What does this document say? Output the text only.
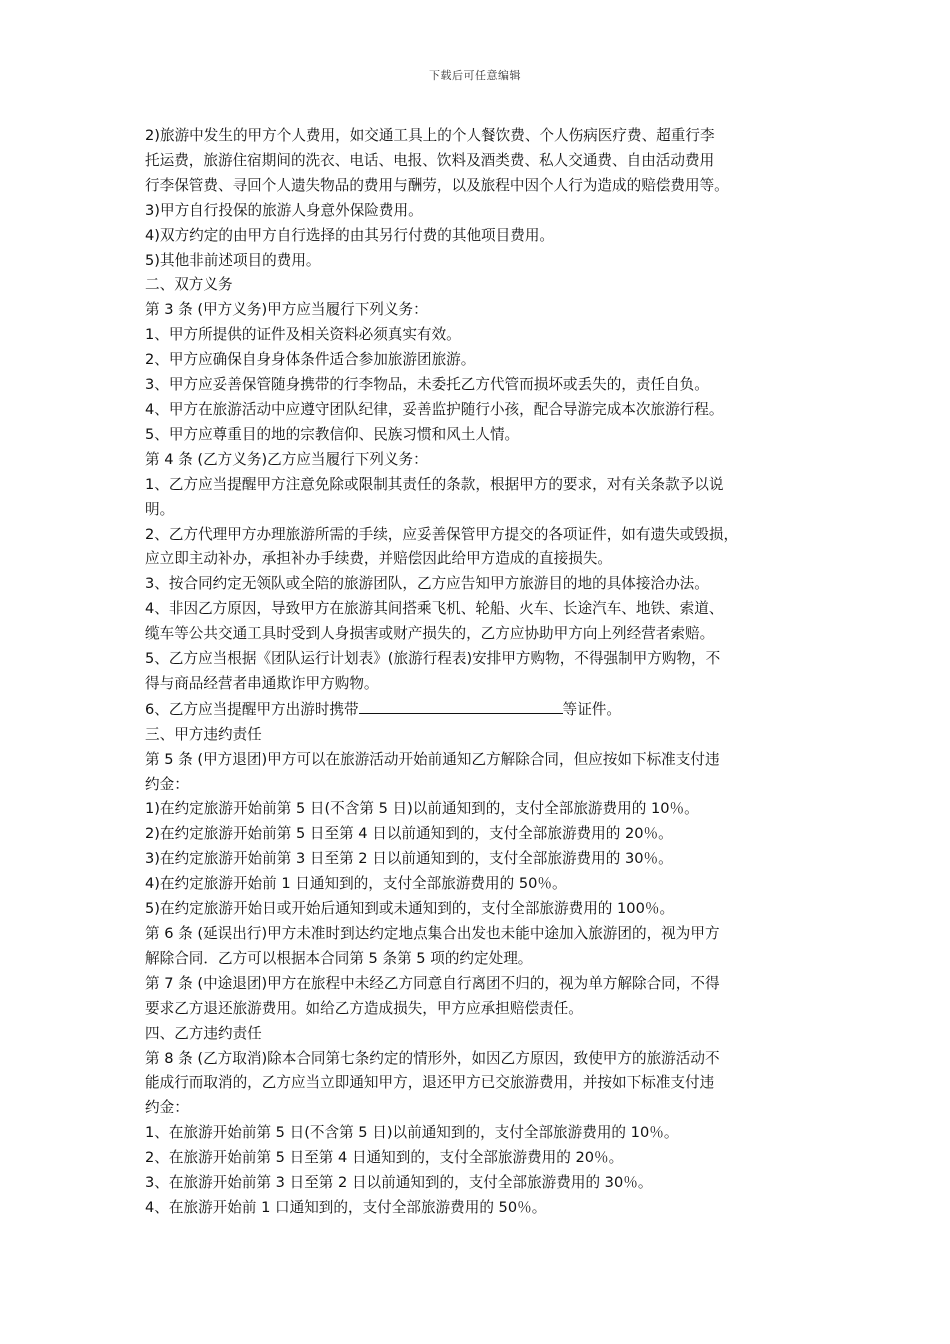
下载后可任意编辑
2)旅游中发生的甲方个人费用，如交通工具上的个人餐饮费、个人伤病医疗费、超重行李
托运费，旅游住宿期间的洗衣、电话、电报、饮料及酒类费、私人交通费、自由活动费用
行李保管费、寻回个人遗失物品的费用与酬劳，以及旅程中因个人行为造成的赔偿费用等。
3)甲方自行投保的旅游人身意外保险费用。
4)双方约定的由甲方自行选择的由其另行付费的其他项目费用。
5)其他非前述项目的费用。
二、双方义务
第 3 条 (甲方义务)甲方应当履行下列义务：
1、甲方所提供的证件及相关资料必须真实有效。
2、甲方应确保自身身体条件适合参加旅游团旅游。
3、甲方应妥善保管随身携带的行李物品，未委托乙方代管而损坏或丢失的，责任自负。
4、甲方在旅游活动中应遵守团队纪律，妥善监护随行小孩，配合导游完成本次旅游行程。
5、甲方应尊重目的地的宗教信仰、民族习惯和风土人情。
第 4 条 (乙方义务)乙方应当履行下列义务：
1、乙方应当提醒甲方注意免除或限制其责任的条款，根据甲方的要求，对有关条款予以说
明。
2、乙方代理甲方办理旅游所需的手续，应妥善保管甲方提交的各项证件，如有遗失或毁损，
应立即主动补办，承担补办手续费，并赔偿因此给甲方造成的直接损失。
3、按合同约定无领队或全陪的旅游团队，乙方应告知甲方旅游目的地的具体接洽办法。
4、非因乙方原因，导致甲方在旅游其间搭乘飞机、轮船、火车、长途汽车、地铁、索道、
缆车等公共交通工具时受到人身损害或财产损失的，乙方应协助甲方向上列经营者索赔。
5、乙方应当根据《团队运行计划表》(旅游行程表)安排甲方购物，不得强制甲方购物，不
得与商品经营者串通欺诈甲方购物。
6、乙方应当提醒甲方出游时携带	等证件。
三、甲方违约责任
第 5 条 (甲方退团)甲方可以在旅游活动开始前通知乙方解除合同，但应按如下标准支付违
约金：
1)在约定旅游开始前第 5 日(不含第 5 日)以前通知到的，支付全部旅游费用的 10％。
2)在约定旅游开始前第 5 日至第 4 日以前通知到的，支付全部旅游费用的 20％。
3)在约定旅游开始前第 3 日至第 2 日以前通知到的，支付全部旅游费用的 30％。
4)在约定旅游开始前 1 日通知到的，支付全部旅游费用的 50％。
5)在约定旅游开始日或开始后通知到或未通知到的，支付全部旅游费用的 100％。
第 6 条 (延误出行)甲方未准时到达约定地点集合出发也未能中途加入旅游团的，视为甲方
解除合同．乙方可以根据本合同第 5 条第 5 项的约定处理。
第 7 条 (中途退团)甲方在旅程中未经乙方同意自行离团不归的，视为单方解除合同，不得
要求乙方退还旅游费用。如给乙方造成损失，甲方应承担赔偿责任。
四、乙方违约责任
第 8 条 (乙方取消)除本合同第七条约定的情形外，如因乙方原因，致使甲方的旅游活动不
能成行而取消的，乙方应当立即通知甲方，退还甲方已交旅游费用，并按如下标准支付违
约金：
1、在旅游开始前第 5 日(不含第 5 日)以前通知到的，支付全部旅游费用的 10％。
2、在旅游开始前第 5 日至第 4 日通知到的，支付全部旅游费用的 20％。
3、在旅游开始前第 3 日至第 2 日以前通知到的，支付全部旅游费用的 30％。
4、在旅游开始前 1 口通知到的，支付全部旅游费用的 50％。
